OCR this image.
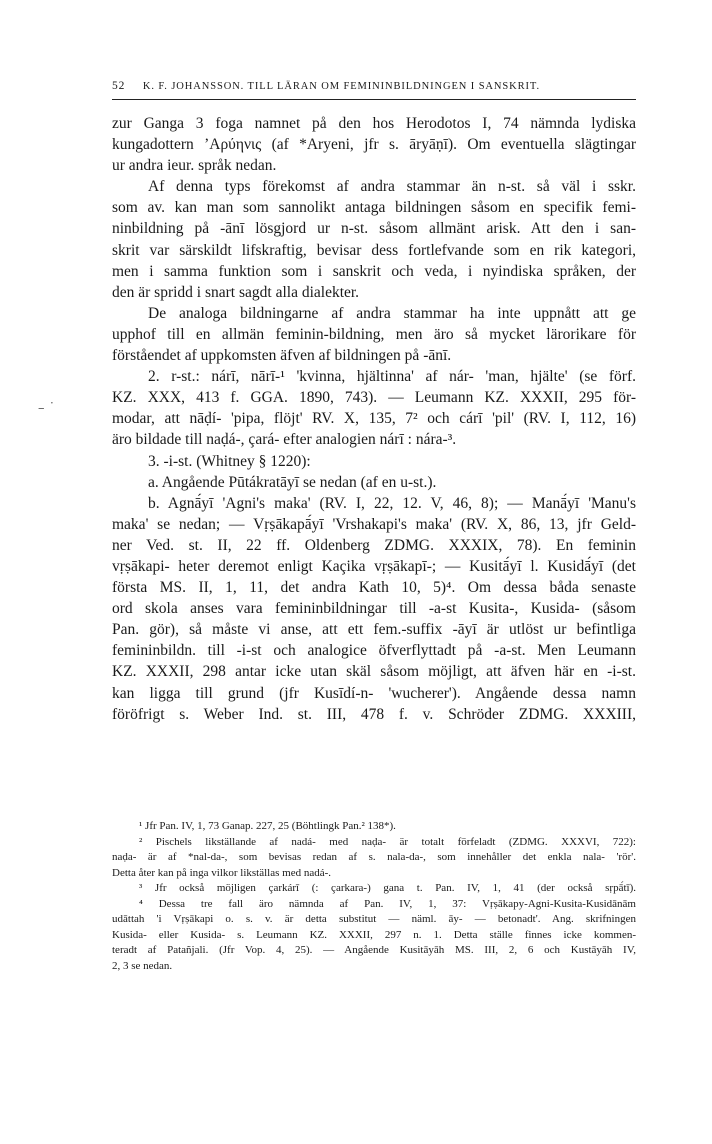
52 K. F. JOHANSSON. TILL LÄRAN OM FEMININBILDNINGEN I SANSKRIT.
– ˙
zur Ganga 3 foga namnet på den hos Herodotos I, 74 nämnda lydiska
kungadottern ’Αρύηνις (af *Aryeni, jfr s. āryāṇī). Om eventuella slägtingar
ur andra ieur. språk nedan.
Af denna typs förekomst af andra stammar än n-st. så väl i sskr.
som av. kan man som sannolikt antaga bildningen såsom en specifik femi-
ninbildning på -ānī lösgjord ur n-st. såsom allmänt arisk. Att den i san-
skrit var särskildt lifskraftig, bevisar dess fortlefvande som en rik kategori,
men i samma funktion som i sanskrit och veda, i nyindiska språken, der
den är spridd i snart sagdt alla dialekter.
De analoga bildningarne af andra stammar ha inte uppnått att ge
upphof till en allmän feminin-bildning, men äro så mycket lärorikare för
förståendet af uppkomsten äfven af bildningen på -ānī.
2. r-st.: nárī, nārī-¹ 'kvinna, hjältinna' af nár- 'man, hjälte' (se förf.
KZ. XXX, 413 f. GGA. 1890, 743). — Leumann KZ. XXXII, 295 för-
modar, att nāḍí- 'pipa, flöjt' RV. X, 135, 7² och cárī 'pil' (RV. I, 112, 16)
äro bildade till naḍá-, çará- efter analogien nárī : nára-³.
3. -i-st. (Whitney § 1220):
a. Angående Pūtákratāyī se nedan (af en u-st.).
b. Agnā́yī 'Agni's maka' (RV. I, 22, 12. V, 46, 8); — Manā́yī 'Manu's
maka' se nedan; — Vṛṣākapā́yī 'Vrshakapi's maka' (RV. X, 86, 13, jfr Geld-
ner Ved. st. II, 22 ff. Oldenberg ZDMG. XXXIX, 78). En feminin
vṛṣākapi- heter deremot enligt Kaçika vṛṣākapī-; — Kusitā́yī l. Kusidā́yī (det
första MS. II, 1, 11, det andra Kath 10, 5)⁴. Om dessa båda senaste
ord skola anses vara femininbildningar till -a-st Kusita-, Kusida- (såsom
Pan. gör), så måste vi anse, att ett fem.-suffix -āyī är utlöst ur befintliga
femininbildn. till -i-st och analogice öfverflyttadt på -a-st. Men Leumann
KZ. XXXII, 298 antar icke utan skäl såsom möjligt, att äfven här en -i-st.
kan ligga till grund (jfr Kusīdí-n- 'wucherer'). Angående dessa namn
föröfrigt s. Weber Ind. st. III, 478 f. v. Schröder ZDMG. XXXIII,
¹ Jfr Pan. IV, 1, 73 Ganap. 227, 25 (Böhtlingk Pan.² 138*).
² Pischels likställande af nadá- med naḍa- är totalt förfeladt (ZDMG. XXXVI, 722):
naḍa- är af *nal-da-, som bevisas redan af s. nala-da-, som innehåller det enkla nala- 'rör'.
Detta åter kan på inga vilkor likställas med nadá-.
³ Jfr också möjligen çarkárī (: çarkara-) gana t. Pan. IV, 1, 41 (der också sṛpā́tī).
⁴ Dessa tre fall äro nämnda af Pan. IV, 1, 37: Vṛṣākapy-Agni-Kusita-Kusidānām
udāttah 'i Vṛṣākapi o. s. v. är detta substitut — näml. āy- — betonadt'. Ang. skrifningen
Kusida- eller Kusida- s. Leumann KZ. XXXII, 297 n. 1. Detta ställe finnes icke kommen-
teradt af Patañjali. (Jfr Vop. 4, 25). — Angående Kusitāyāh MS. III, 2, 6 och Kustāyāh IV,
2, 3 se nedan.
